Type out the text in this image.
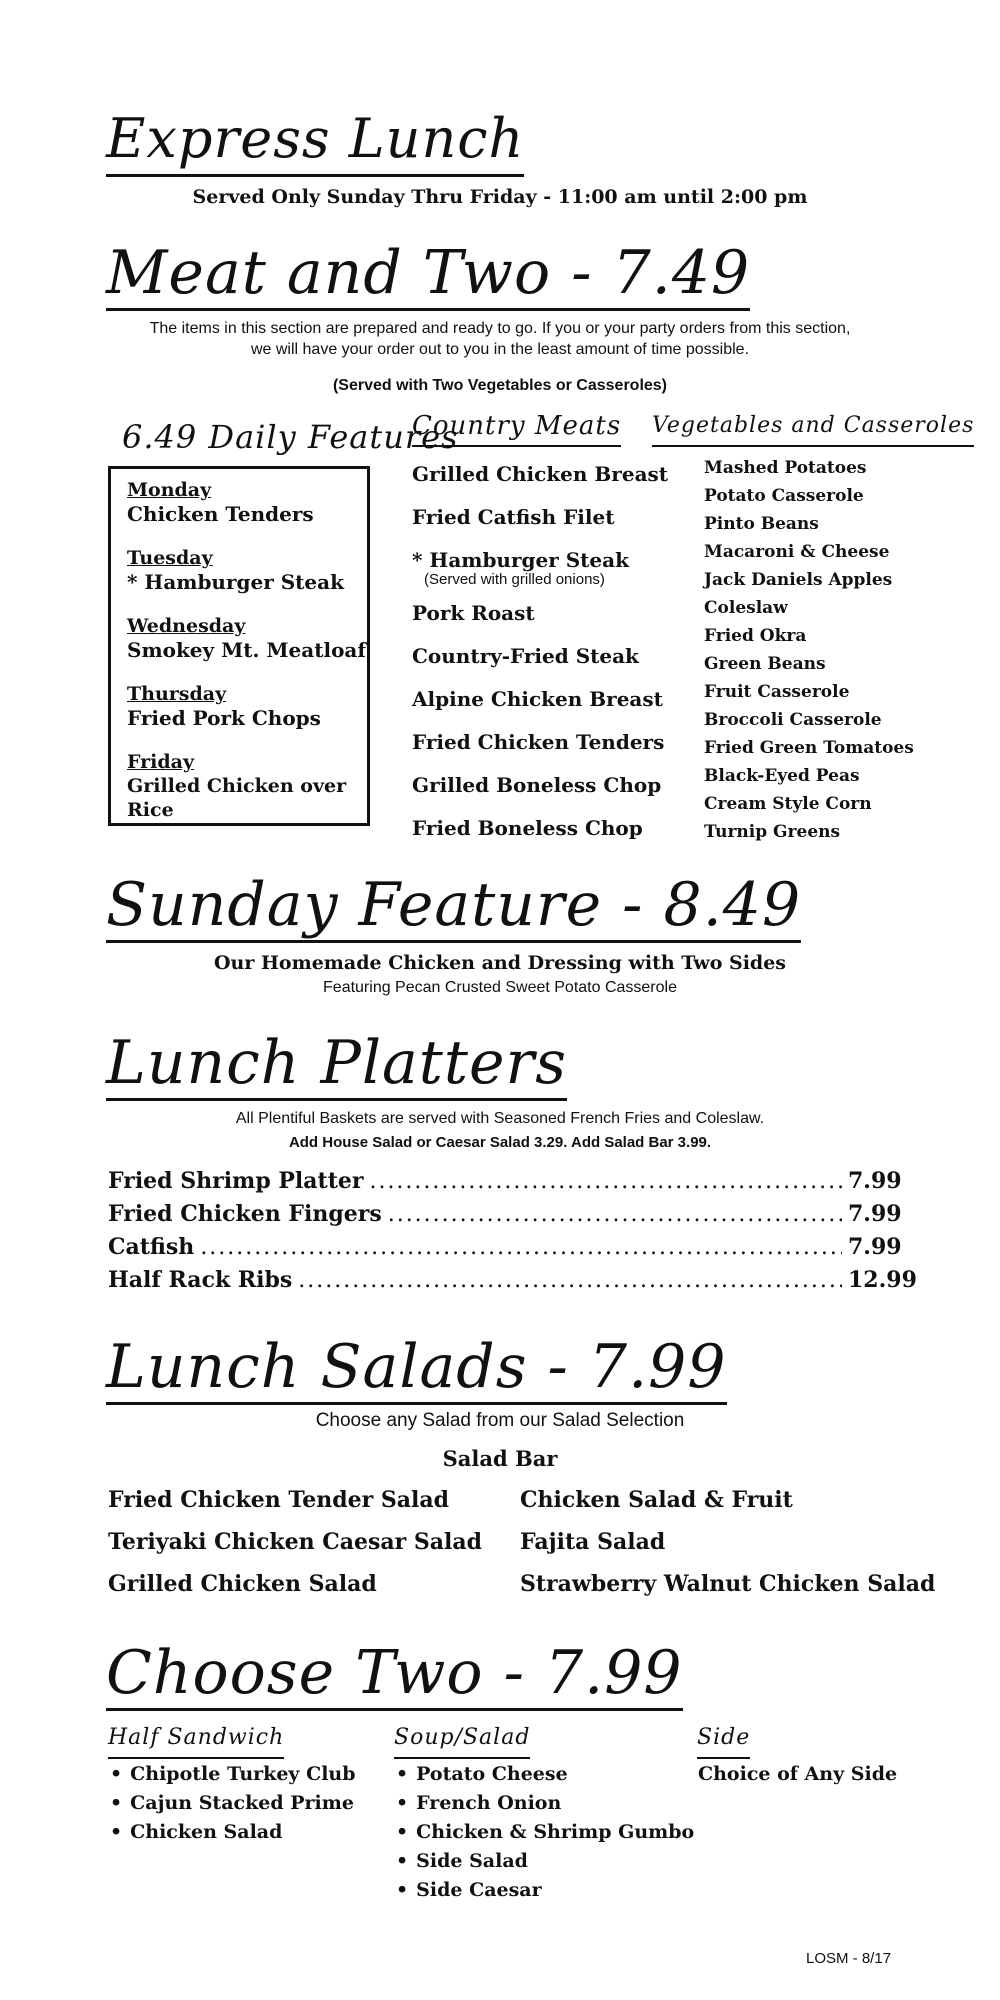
Express Lunch
Served Only Sunday Thru Friday - 11:00 am until 2:00 pm
Meat and Two - 7.49
The items in this section are prepared and ready to go. If you or your party orders from this section,
we will have your order out to you in the least amount of time possible.
(Served with Two Vegetables or Casseroles)
6.49 Daily Features
Monday
Chicken Tenders
Tuesday
* Hamburger Steak
Wednesday
Smokey Mt. Meatloaf
Thursday
Fried Pork Chops
Friday
Grilled Chicken over Rice
Country Meats
Grilled Chicken Breast
Fried Catfish Filet
* Hamburger Steak
(Served with grilled onions)
Pork Roast
Country-Fried Steak
Alpine Chicken Breast
Fried Chicken Tenders
Grilled Boneless Chop
Fried Boneless Chop
Vegetables and Casseroles
Mashed Potatoes
Potato Casserole
Pinto Beans
Macaroni & Cheese
Jack Daniels Apples
Coleslaw
Fried Okra
Green Beans
Fruit Casserole
Broccoli Casserole
Fried Green Tomatoes
Black-Eyed Peas
Cream Style Corn
Turnip Greens
Sunday Feature - 8.49
Our Homemade Chicken and Dressing with Two Sides
Featuring Pecan Crusted Sweet Potato Casserole
Lunch Platters
All Plentiful Baskets are served with Seasoned French Fries and Coleslaw.
Add House Salad or Caesar Salad 3.29. Add Salad Bar 3.99.
Fried Shrimp Platter .....	7.99
Fried Chicken Fingers .....	7.99
Catfish .....	7.99
Half Rack Ribs .....	12.99
Lunch Salads - 7.99
Choose any Salad from our Salad Selection
Salad Bar
Fried Chicken Tender Salad
Teriyaki Chicken Caesar Salad
Grilled Chicken Salad
Chicken Salad & Fruit
Fajita Salad
Strawberry Walnut Chicken Salad
Choose Two - 7.99
Half Sandwich
• Chipotle Turkey Club
• Cajun Stacked Prime
• Chicken Salad
Soup/Salad
• Potato Cheese
• French Onion
• Chicken & Shrimp Gumbo
• Side Salad
• Side Caesar
Side
Choice of Any Side
LOSM - 8/17
